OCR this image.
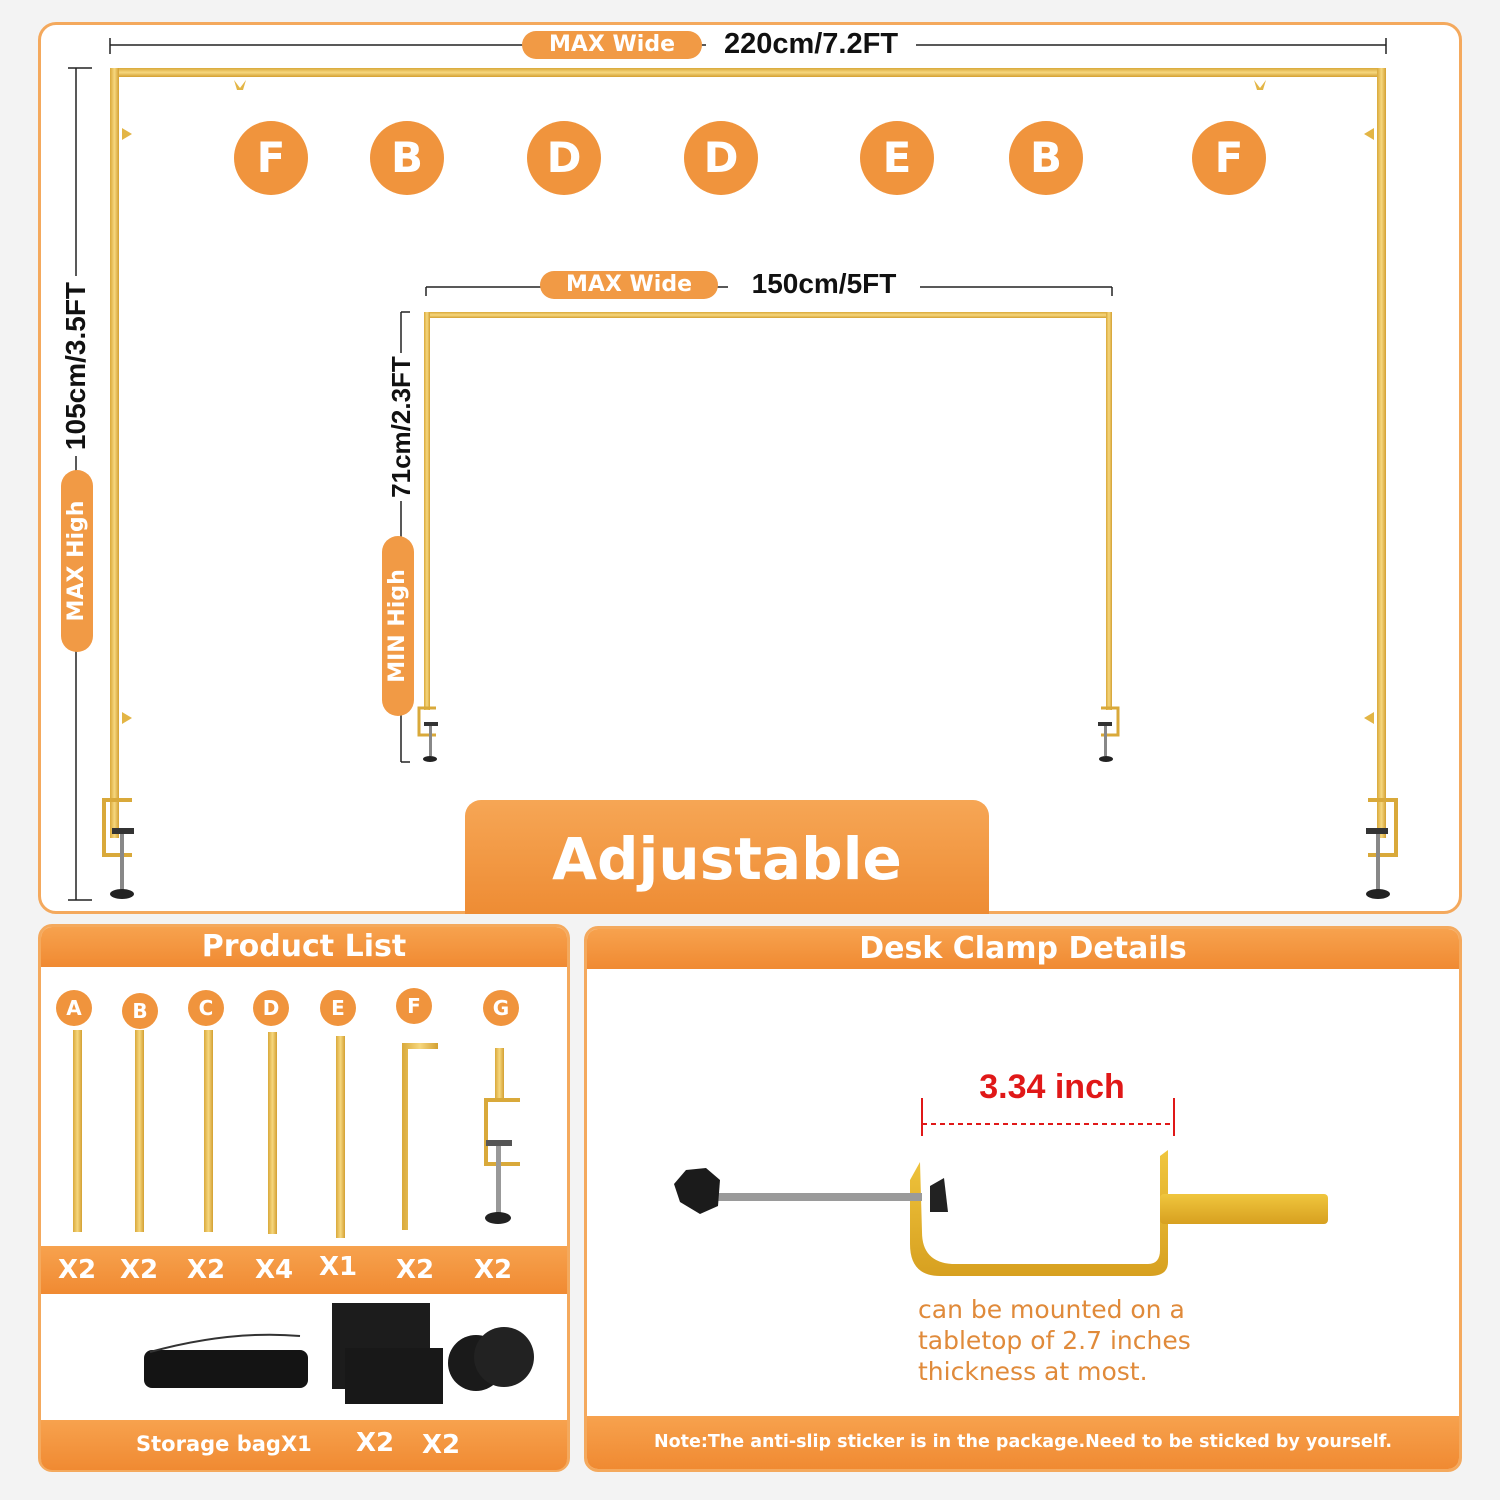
MAX Wide	220cm/7.2FT
MAX High
105cm/3.5FT
F	B	D	D	E	B	F
MAX Wide	150cm/5FT
MIN High
71cm/2.3FT
Adjustable
Product List
A	B	C	D	E	F	G
X2 X2 X2 X4 X1 X2 X2
Storage bagX1 X2 X2
Desk Clamp Details
3.34 inch
can be mounted on a
tabletop of 2.7 inches
thickness at most.
Note:The anti-slip sticker is in the package.Need to be sticked by yourself.
